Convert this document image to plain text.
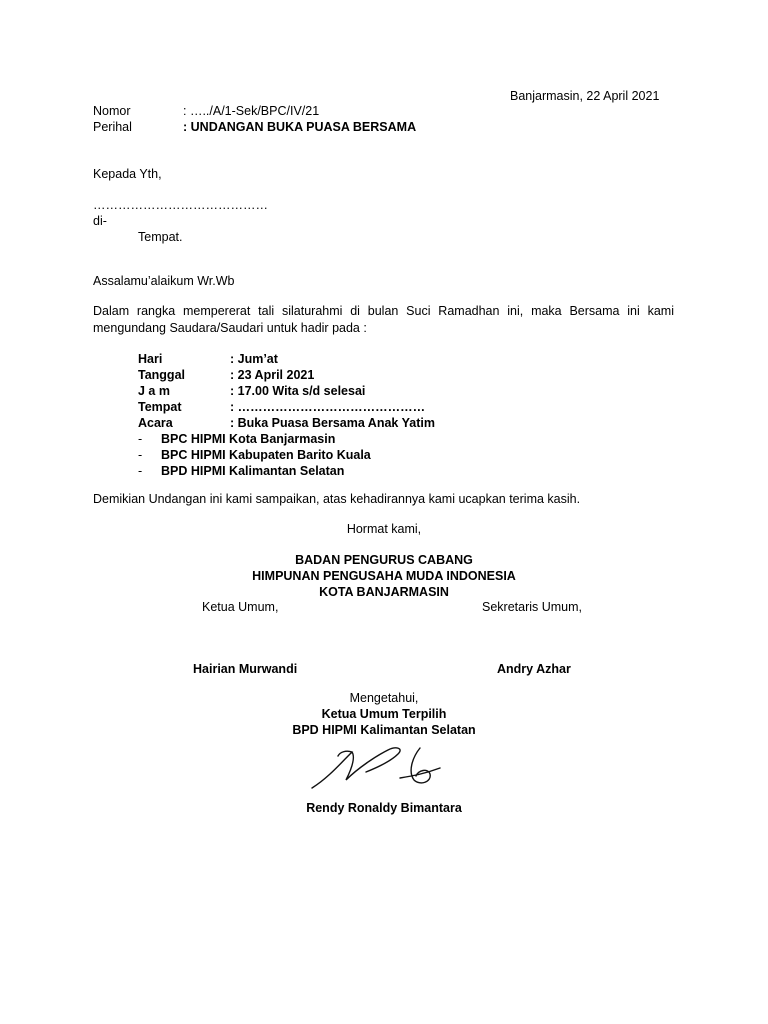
Banjarmasin, 22 April 2021
Nomor	: …../A/1-Sek/BPC/IV/21
Perihal	: UNDANGAN BUKA PUASA BERSAMA
Kepada Yth,
……………………………………
di-
Tempat.
Assalamu’alaikum Wr.Wb
Dalam rangka mempererat tali silaturahmi di bulan Suci Ramadhan ini, maka Bersama ini kami mengundang Saudara/Saudari untuk hadir pada :
Hari	: Jum’at
Tanggal	: 23 April 2021
J a m	: 17.00 Wita s/d selesai
Tempat	: ………………………………………
Acara	: Buka Puasa Bersama Anak Yatim
- BPC HIPMI Kota Banjarmasin
- BPC HIPMI Kabupaten Barito Kuala
- BPD HIPMI Kalimantan Selatan
Demikian Undangan ini kami sampaikan, atas kehadirannya kami ucapkan terima kasih.
Hormat kami,
BADAN PENGURUS CABANG
HIMPUNAN PENGUSAHA MUDA INDONESIA
KOTA BANJARMASIN
Ketua Umum,	Sekretaris Umum,
Hairian Murwandi	Andry Azhar
Mengetahui,
Ketua Umum Terpilih
BPD HIPMI Kalimantan Selatan
Rendy Ronaldy Bimantara
